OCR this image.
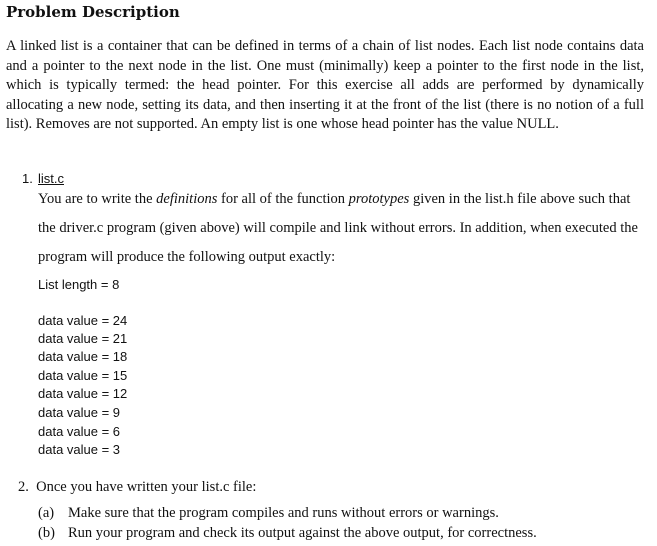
Problem Description
A linked list is a container that can be defined in terms of a chain of list nodes. Each list node contains data and a pointer to the next node in the list. One must (minimally) keep a pointer to the first node in the list, which is typically termed: the head pointer. For this exercise all adds are performed by dynamically allocating a new node, setting its data, and then inserting it at the front of the list (there is no notion of a full list). Removes are not supported. An empty list is one whose head pointer has the value NULL.
1. list.c
You are to write the definitions for all of the function prototypes given in the list.h file above such that the driver.c program (given above) will compile and link without errors. In addition, when executed the program will produce the following output exactly:
List length = 8
data value = 24
data value = 21
data value = 18
data value = 15
data value = 12
data value = 9
data value = 6
data value = 3
2. Once you have written your list.c file:
(a) Make sure that the program compiles and runs without errors or warnings.
(b) Run your program and check its output against the above output, for correctness.
